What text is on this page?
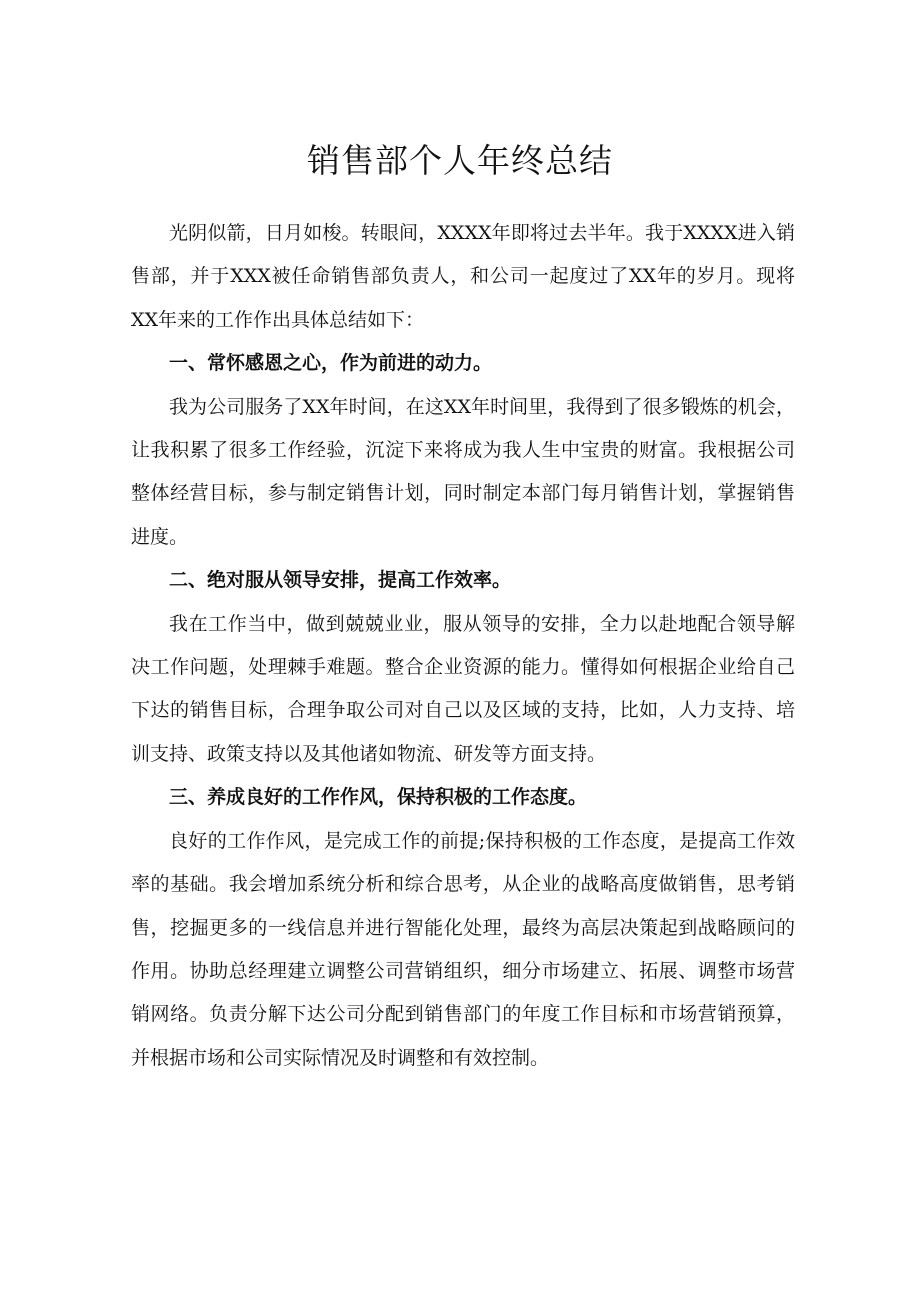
销售部个人年终总结

光阴似箭，日月如梭。转眼间，XXXX年即将过去半年。我于XXXX进入销售部，并于XXX被任命销售部负责人，和公司一起度过了XX年的岁月。现将XX年来的工作作出具体总结如下：

一、常怀感恩之心，作为前进的动力。

我为公司服务了XX年时间，在这XX年时间里，我得到了很多锻炼的机会，让我积累了很多工作经验，沉淀下来将成为我人生中宝贵的财富。我根据公司整体经营目标，参与制定销售计划，同时制定本部门每月销售计划，掌握销售进度。

二、绝对服从领导安排，提高工作效率。

我在工作当中，做到兢兢业业，服从领导的安排，全力以赴地配合领导解决工作问题，处理棘手难题。整合企业资源的能力。懂得如何根据企业给自己下达的销售目标，合理争取公司对自己以及区域的支持，比如，人力支持、培训支持、政策支持以及其他诸如物流、研发等方面支持。

三、养成良好的工作作风，保持积极的工作态度。

良好的工作作风，是完成工作的前提;保持积极的工作态度，是提高工作效率的基础。我会增加系统分析和综合思考，从企业的战略高度做销售，思考销售，挖掘更多的一线信息并进行智能化处理，最终为高层决策起到战略顾问的作用。协助总经理建立调整公司营销组织，细分市场建立、拓展、调整市场营销网络。负责分解下达公司分配到销售部门的年度工作目标和市场营销预算，并根据市场和公司实际情况及时调整和有效控制。
